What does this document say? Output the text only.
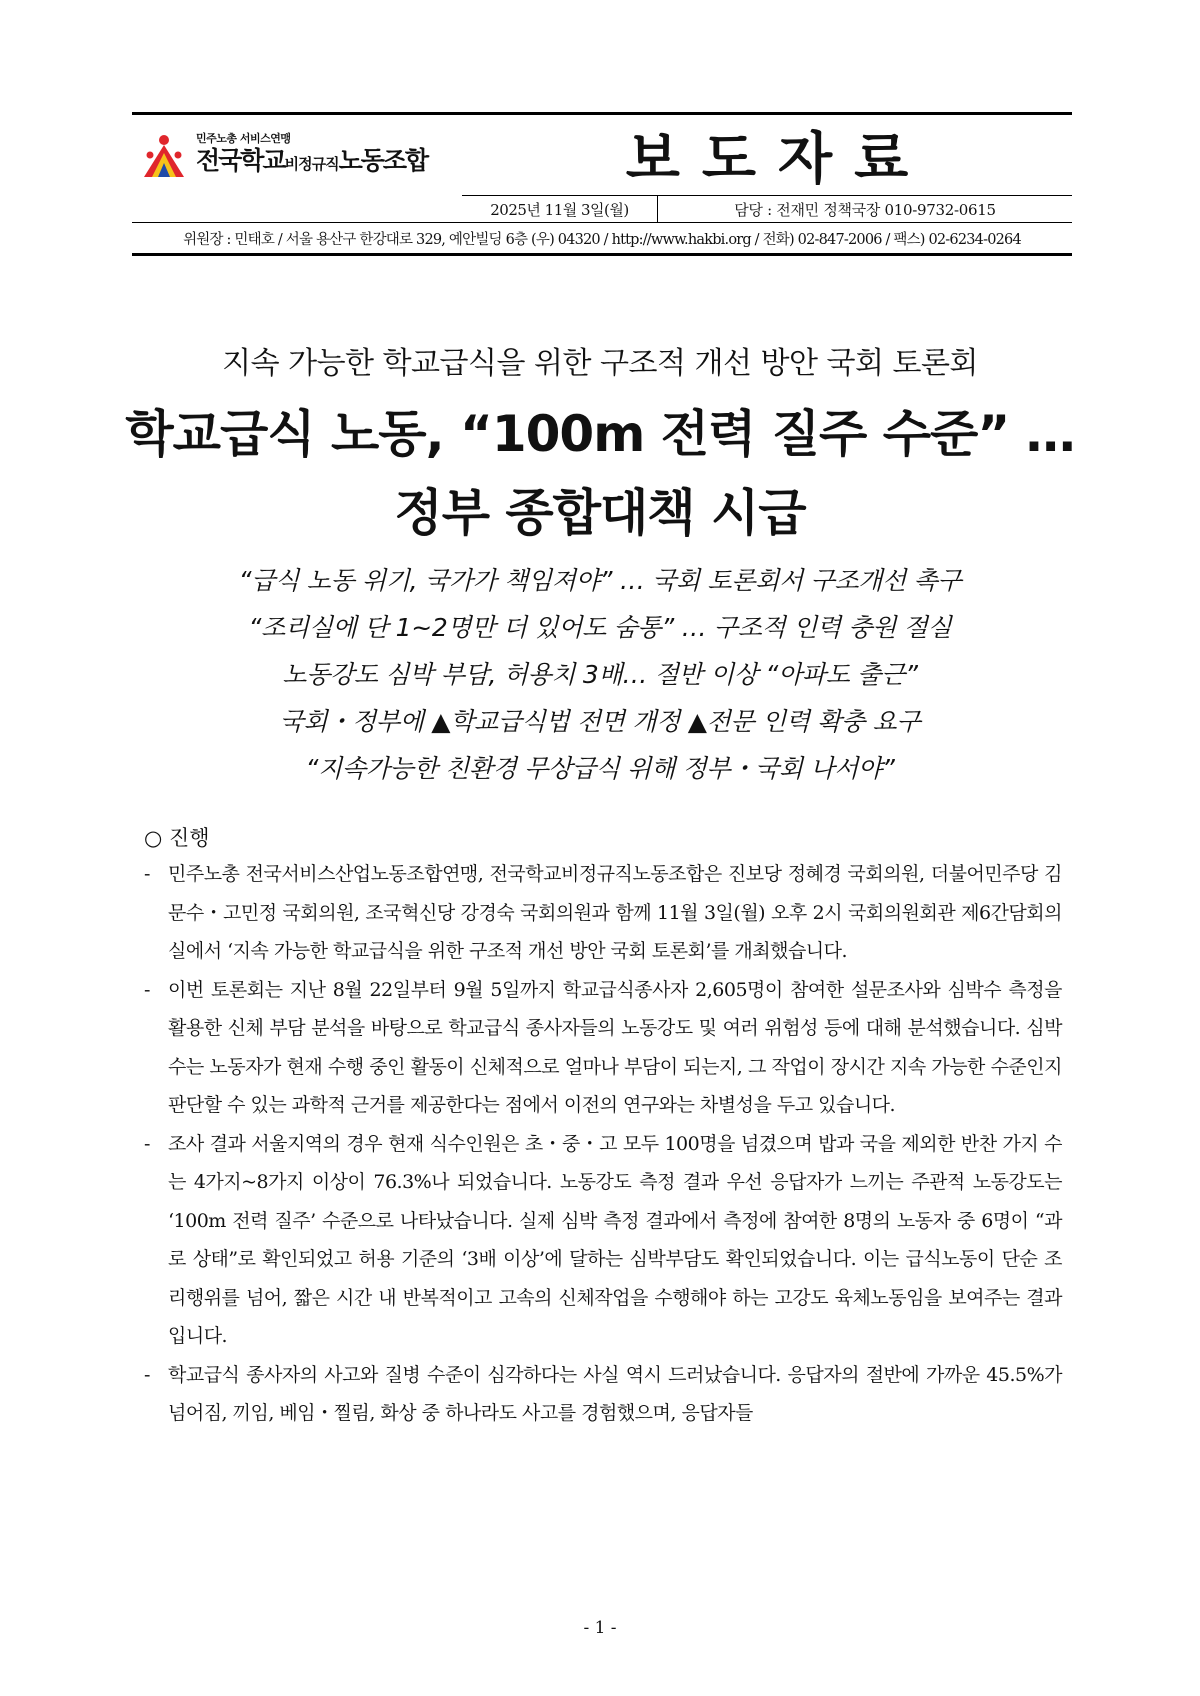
민주노총 서비스연맹
전국학교비정규직노동조합	보도자료
2025년 11월 3일(월)	담당 : 전재민 정책국장 010-9732-0615
위원장 : 민태호 / 서울 용산구 한강대로 329, 예안빌딩 6층 (우) 04320 / http://www.hakbi.org / 전화) 02-847-2006 / 팩스) 02-6234-0264
지속 가능한 학교급식을 위한 구조적 개선 방안 국회 토론회
학교급식 노동, “100m 전력 질주 수준” …
정부 종합대책 시급
“급식 노동 위기, 국가가 책임져야” … 국회 토론회서 구조개선 촉구
“조리실에 단 1~2명만 더 있어도 숨통” … 구조적 인력 충원 절실
노동강도 심박 부담, 허용치 3배… 절반 이상 “아파도 출근”
국회・정부에 ▲학교급식법 전면 개정 ▲전문 인력 확충 요구
“지속가능한 친환경 무상급식 위해 정부・국회 나서야”
○ 진행
- 민주노총 전국서비스산업노동조합연맹, 전국학교비정규직노동조합은 진보당 정혜경 국회의원, 더불어민주당 김문수・고민정 국회의원, 조국혁신당 강경숙 국회의원과 함께 11월 3일(월) 오후 2시 국회의원회관 제6간담회의실에서 ‘지속 가능한 학교급식을 위한 구조적 개선 방안 국회 토론회’를 개최했습니다.
- 이번 토론회는 지난 8월 22일부터 9월 5일까지 학교급식종사자 2,605명이 참여한 설문조사와 심박수 측정을 활용한 신체 부담 분석을 바탕으로 학교급식 종사자들의 노동강도 및 여러 위험성 등에 대해 분석했습니다. 심박수는 노동자가 현재 수행 중인 활동이 신체적으로 얼마나 부담이 되는지, 그 작업이 장시간 지속 가능한 수준인지 판단할 수 있는 과학적 근거를 제공한다는 점에서 이전의 연구와는 차별성을 두고 있습니다.
- 조사 결과 서울지역의 경우 현재 식수인원은 초・중・고 모두 100명을 넘겼으며 밥과 국을 제외한 반찬 가지 수는 4가지~8가지 이상이 76.3%나 되었습니다. 노동강도 측정 결과 우선 응답자가 느끼는 주관적 노동강도는 ‘100m 전력 질주’ 수준으로 나타났습니다. 실제 심박 측정 결과에서 측정에 참여한 8명의 노동자 중 6명이 “과로 상태”로 확인되었고 허용 기준의 ‘3배 이상’에 달하는 심박부담도 확인되었습니다. 이는 급식노동이 단순 조리행위를 넘어, 짧은 시간 내 반복적이고 고속의 신체작업을 수행해야 하는 고강도 육체노동임을 보여주는 결과입니다.
- 학교급식 종사자의 사고와 질병 수준이 심각하다는 사실 역시 드러났습니다. 응답자의 절반에 가까운 45.5%가 넘어짐, 끼임, 베임・찔림, 화상 중 하나라도 사고를 경험했으며, 응답자들
- 1 -
